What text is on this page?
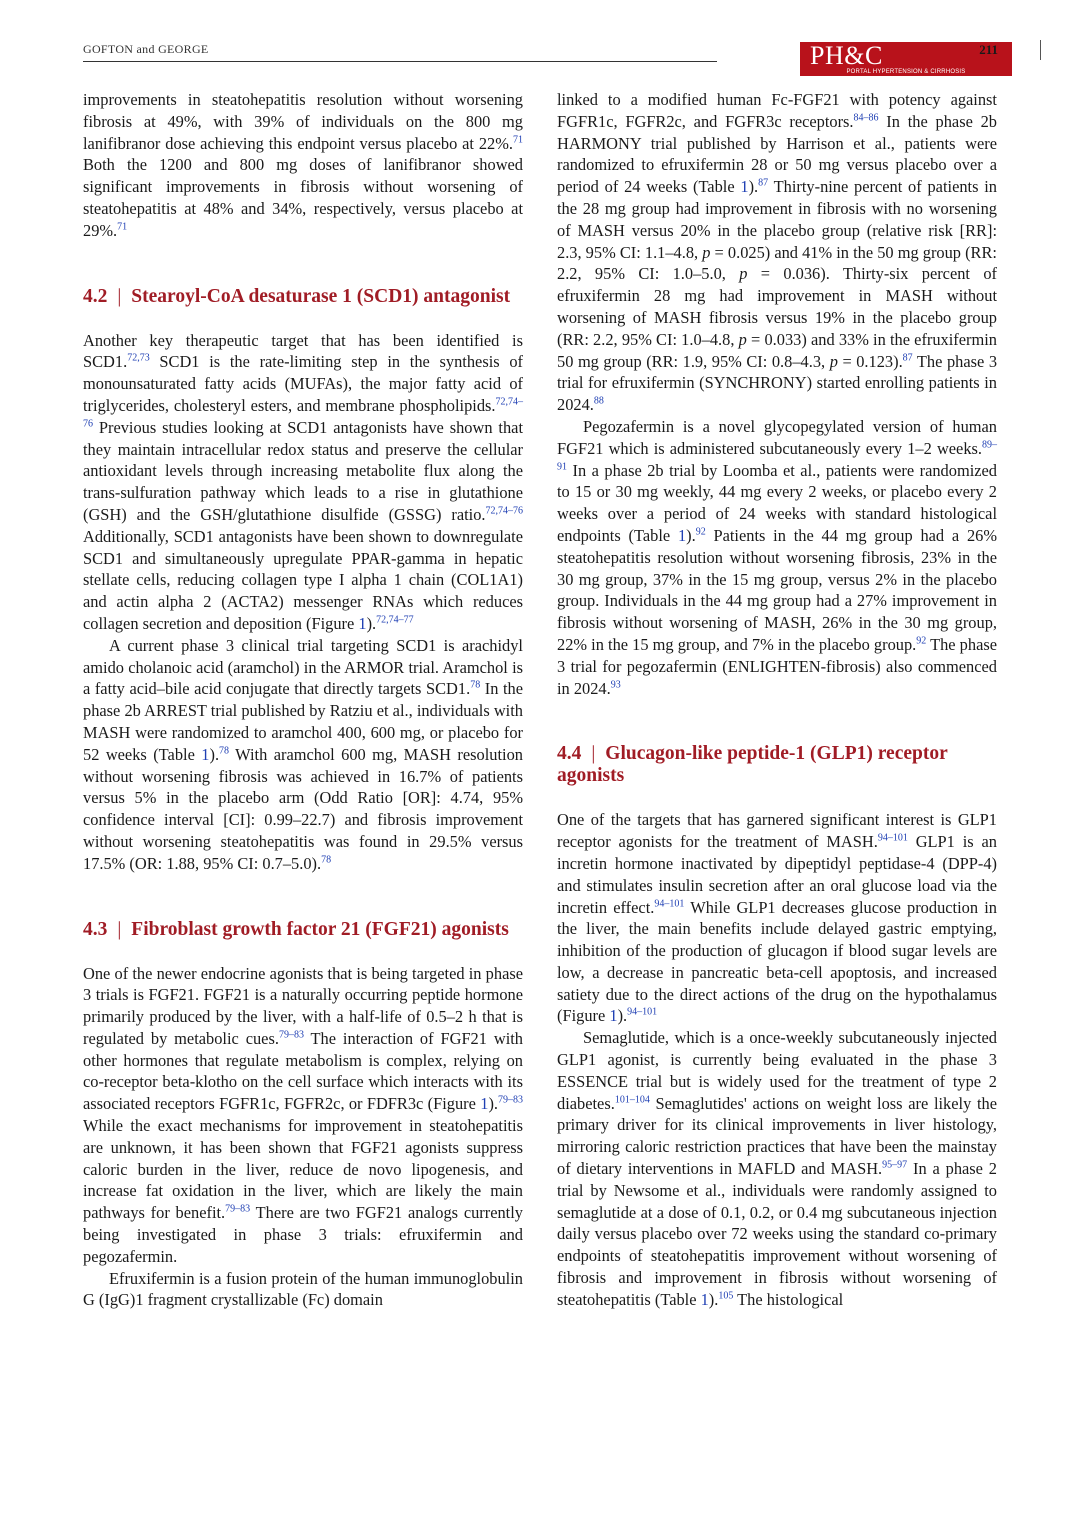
GOFTON and GEORGE	PH&C
PORTAL HYPERTENSION & CIRRHOSIS
211

improvements in steatohepatitis resolution without worsening fibrosis at 49%, with 39% of individuals on the 800 mg lanifibranor dose achieving this endpoint versus placebo at 22%.$^{71}$ Both the 1200 and 800 mg doses of lanifibranor showed significant improvements in fibrosis without worsening of steatohepatitis at 48% and 34%, respectively, versus placebo at 29%.$^{71}$

4.2 | Stearoyl-CoA desaturase 1 (SCD1) antagonist

Another key therapeutic target that has been identified is SCD1.$^{72,73}$ SCD1 is the rate-limiting step in the synthesis of monounsaturated fatty acids (MUFAs), the major fatty acid of triglycerides, cholesteryl esters, and membrane phospholipids.$^{72,74-76}$ Previous studies looking at SCD1 antagonists have shown that they maintain intracellular redox status and preserve the cellular antioxidant levels through increasing metabolite flux along the trans-sulfuration pathway which leads to a rise in glutathione (GSH) and the GSH/glutathione disulfide (GSSG) ratio.$^{72,74-76}$ Additionally, SCD1 antagonists have been shown to downregulate SCD1 and simultaneously upregulate PPAR-gamma in hepatic stellate cells, reducing collagen type I alpha 1 chain (COL1A1) and actin alpha 2 (ACTA2) messenger RNAs which reduces collagen secretion and deposition (Figure 1).$^{72,74-77}$

A current phase 3 clinical trial targeting SCD1 is arachidyl amido cholanoic acid (aramchol) in the ARMOR trial. Aramchol is a fatty acid–bile acid conjugate that directly targets SCD1.78 In the phase 2b ARREST trial published by Ratziu et al., individuals with MASH were randomized to aramchol 400, 600 mg, or placebo for 52 weeks (Table 1).$^{78}$ With aramchol 600 mg, MASH resolution without worsening fibrosis was achieved in 16.7% of patients versus 5% in the placebo arm (Odd Ratio [OR]: 4.74, 95% confidence interval [CI]: 0.99–22.7) and fibrosis improvement without worsening steatohepatitis was found in 29.5% versus 17.5% (OR: 1.88, 95% CI: 0.7–5.0).$^{78}$

4.3 | Fibroblast growth factor 21 (FGF21) agonists

One of the newer endocrine agonists that is being targeted in phase 3 trials is FGF21. FGF21 is a naturally occurring peptide hormone primarily produced by the liver, with a half-life of 0.5–2 h that is regulated by metabolic cues.$^{79-83}$ The interaction of FGF21 with other hormones that regulate metabolism is complex, relying on co-receptor beta-klotho on the cell surface which interacts with its associated receptors FGFR1c, FGFR2c, or FDFR3c (Figure 1).$^{79-83}$ While the exact mechanisms for improvement in steatohepatitis are unknown, it has been shown that FGF21 agonists suppress caloric burden in the liver, reduce de novo lipogenesis, and increase fat oxidation in the liver, which are likely the main pathways for benefit.$^{79-83}$ There are two FGF21 analogs currently being investigated in phase 3 trials: efruxifermin and pegozafermin.

Efruxifermin is a fusion protein of the human immunoglobulin G (IgG)1 fragment crystallizable (Fc) domain

linked to a modified human Fc-FGF21 with potency against FGFR1c, FGFR2c, and FGFR3c receptors.$^{84-86}$ In the phase 2b HARMONY trial published by Harrison et al., patients were randomized to efruxifermin 28 or 50 mg versus placebo over a period of 24 weeks (Table 1).$^{87}$ Thirty-nine percent of patients in the 28 mg group had improvement in fibrosis with no worsening of MASH versus 20% in the placebo group (relative risk [RR]: 2.3, 95% CI: 1.1–4.8, p = 0.025) and 41% in the 50 mg group (RR: 2.2, 95% CI: 1.0–5.0, p = 0.036). Thirty-six percent of efruxifermin 28 mg had improvement in MASH without worsening of MASH fibrosis versus 19% in the placebo group (RR: 2.2, 95% CI: 1.0–4.8, p = 0.033) and 33% in the efruxifermin 50 mg group (RR: 1.9, 95% CI: 0.8–4.3, p = 0.123).$^{87}$ The phase 3 trial for efruxifermin (SYNCHRONY) started enrolling patients in 2024.88

Pegozafermin is a novel glycopegylated version of human FGF21 which is administered subcutaneously every 1–2 weeks.$^{89-91}$ In a phase 2b trial by Loomba et al., patients were randomized to 15 or 30 mg weekly, 44 mg every 2 weeks, or placebo every 2 weeks over a period of 24 weeks with standard histological endpoints (Table 1).$^{92}$ Patients in the 44 mg group had a 26% steatohepatitis resolution without worsening fibrosis, 23% in the 30 mg group, 37% in the 15 mg group, versus 2% in the placebo group. Individuals in the 44 mg group had a 27% improvement in fibrosis without worsening of MASH, 26% in the 30 mg group, 22% in the 15 mg group, and 7% in the placebo group.$^{92}$ The phase 3 trial for pegozafermin (ENLIGHTEN-fibrosis) also commenced in 2024.93

4.4 | Glucagon-like peptide-1 (GLP1) receptor agonists

One of the targets that has garnered significant interest is GLP1 receptor agonists for the treatment of MASH.$^{94-101}$ GLP1 is an incretin hormone inactivated by dipeptidyl peptidase-4 (DPP-4) and stimulates insulin secretion after an oral glucose load via the incretin effect.$^{94-101}$ While GLP1 decreases glucose production in the liver, the main benefits include delayed gastric emptying, inhibition of the production of glucagon if blood sugar levels are low, a decrease in pancreatic beta-cell apoptosis, and increased satiety due to the direct actions of the drug on the hypothalamus (Figure 1).$^{94-101}$

Semaglutide, which is a once-weekly subcutaneously injected GLP1 agonist, is currently being evaluated in the phase 3 ESSENCE trial but is widely used for the treatment of type 2 diabetes.$^{101-104}$ Semaglutides' actions on weight loss are likely the primary driver for its clinical improvements in liver histology, mirroring caloric restriction practices that have been the mainstay of dietary interventions in MAFLD and MASH.$^{95-97}$ In a phase 2 trial by Newsome et al., individuals were randomly assigned to semaglutide at a dose of 0.1, 0.2, or 0.4 mg subcutaneous injection daily versus placebo over 72 weeks using the standard co-primary endpoints of steatohepatitis improvement without worsening of fibrosis and improvement in fibrosis without worsening of steatohepatitis (Table 1).$^{105}$ The histological
